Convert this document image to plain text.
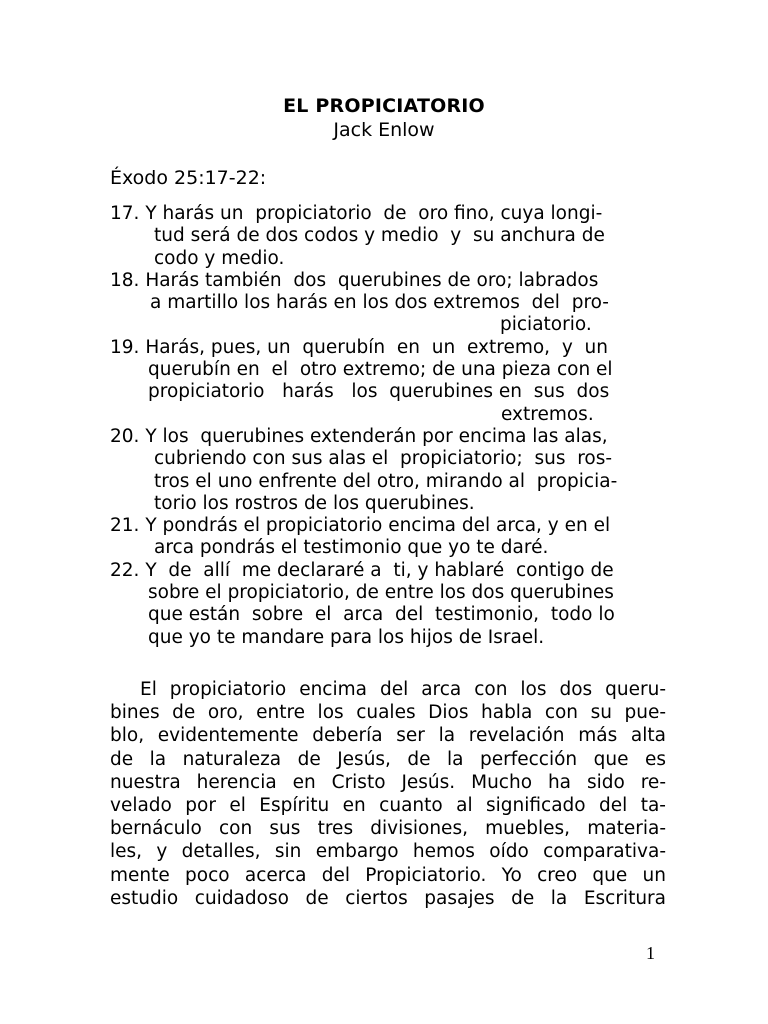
EL PROPICIATORIO
Jack Enlow
Éxodo 25:17-22:
17. Y harás un  propiciatorio  de  oro fino, cuya longi-
tud será de dos codos y medio  y  su anchura de
codo y medio.
18. Harás también  dos  querubines de oro; labrados
a martillo los harás en los dos extremos  del  pro-
piciatorio.
19. Harás, pues, un  querubín  en  un  extremo,  y  un
querubín en  el  otro extremo; de una pieza con el
propiciatorio   harás   los  querubines en  sus  dos
extremos.
20. Y los  querubines extenderán por encima las alas,
cubriendo con sus alas el  propiciatorio;  sus  ros-
tros el uno enfrente del otro, mirando al  propicia-
torio los rostros de los querubines.
21. Y pondrás el propiciatorio encima del arca, y en el
arca pondrás el testimonio que yo te daré.
22. Y  de  allí  me declararé a  ti, y hablaré  contigo de
sobre el propiciatorio, de entre los dos querubines
que están  sobre  el  arca  del  testimonio,  todo lo
que yo te mandare para los hijos de Israel.
El propiciatorio encima del arca con los dos queru-
bines de oro, entre los cuales Dios habla con su pue-
blo, evidentemente debería ser la revelación más alta
de la naturaleza de Jesús, de la perfección que es
nuestra herencia en Cristo Jesús. Mucho ha sido re-
velado por el Espíritu en cuanto al significado del ta-
bernáculo con sus tres divisiones, muebles, materia-
les, y detalles, sin embargo hemos oído comparativa-
mente poco acerca del Propiciatorio. Yo creo que un
estudio cuidadoso de ciertos pasajes de la Escritura
1
